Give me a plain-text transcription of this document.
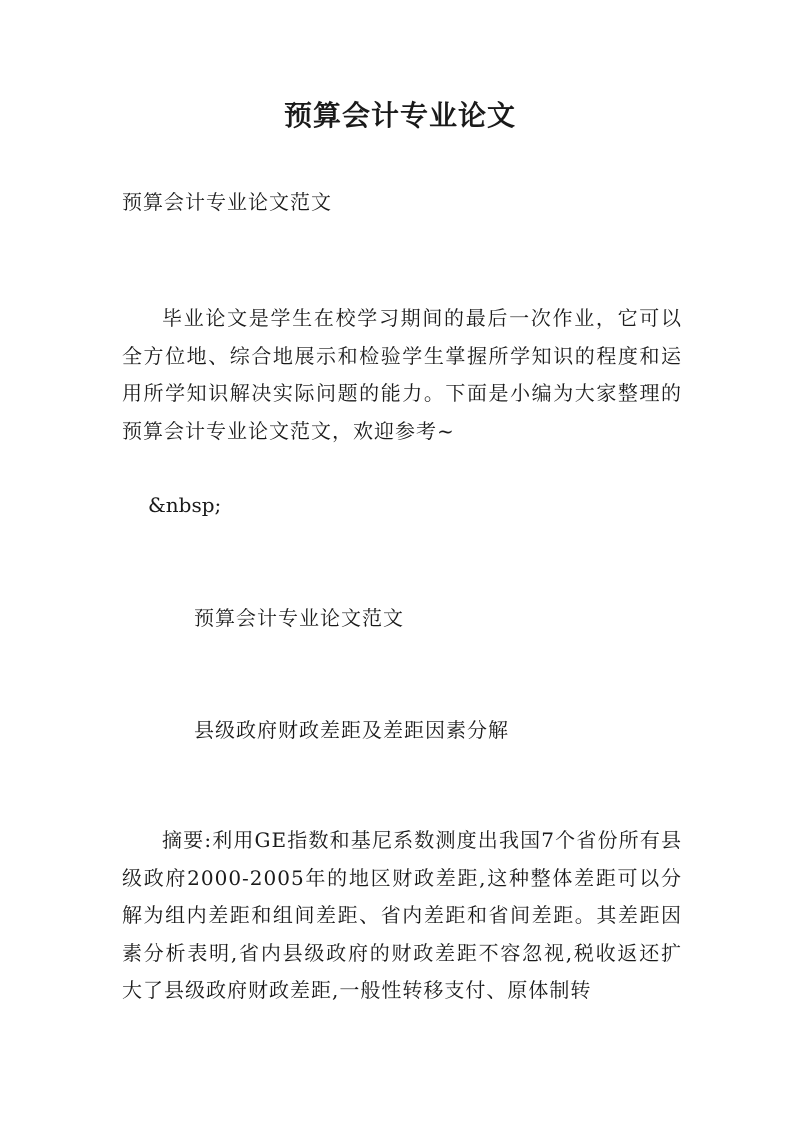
预算会计专业论文
预算会计专业论文范文

毕业论文是学生在校学习期间的最后一次作业，它可以全方位地、综合地展示和检验学生掌握所学知识的程度和运用所学知识解决实际问题的能力。下面是小编为大家整理的预算会计专业论文范文，欢迎参考~

&nbsp;
预算会计专业论文范文
县级政府财政差距及差距因素分解

摘要:利用GE指数和基尼系数测度出我国7个省份所有县级政府2000-2005年的地区财政差距,这种整体差距可以分解为组内差距和组间差距、省内差距和省间差距。其差距因素分析表明,省内县级政府的财政差距不容忽视,税收返还扩大了县级政府财政差距,一般性转移支付、原体制转
